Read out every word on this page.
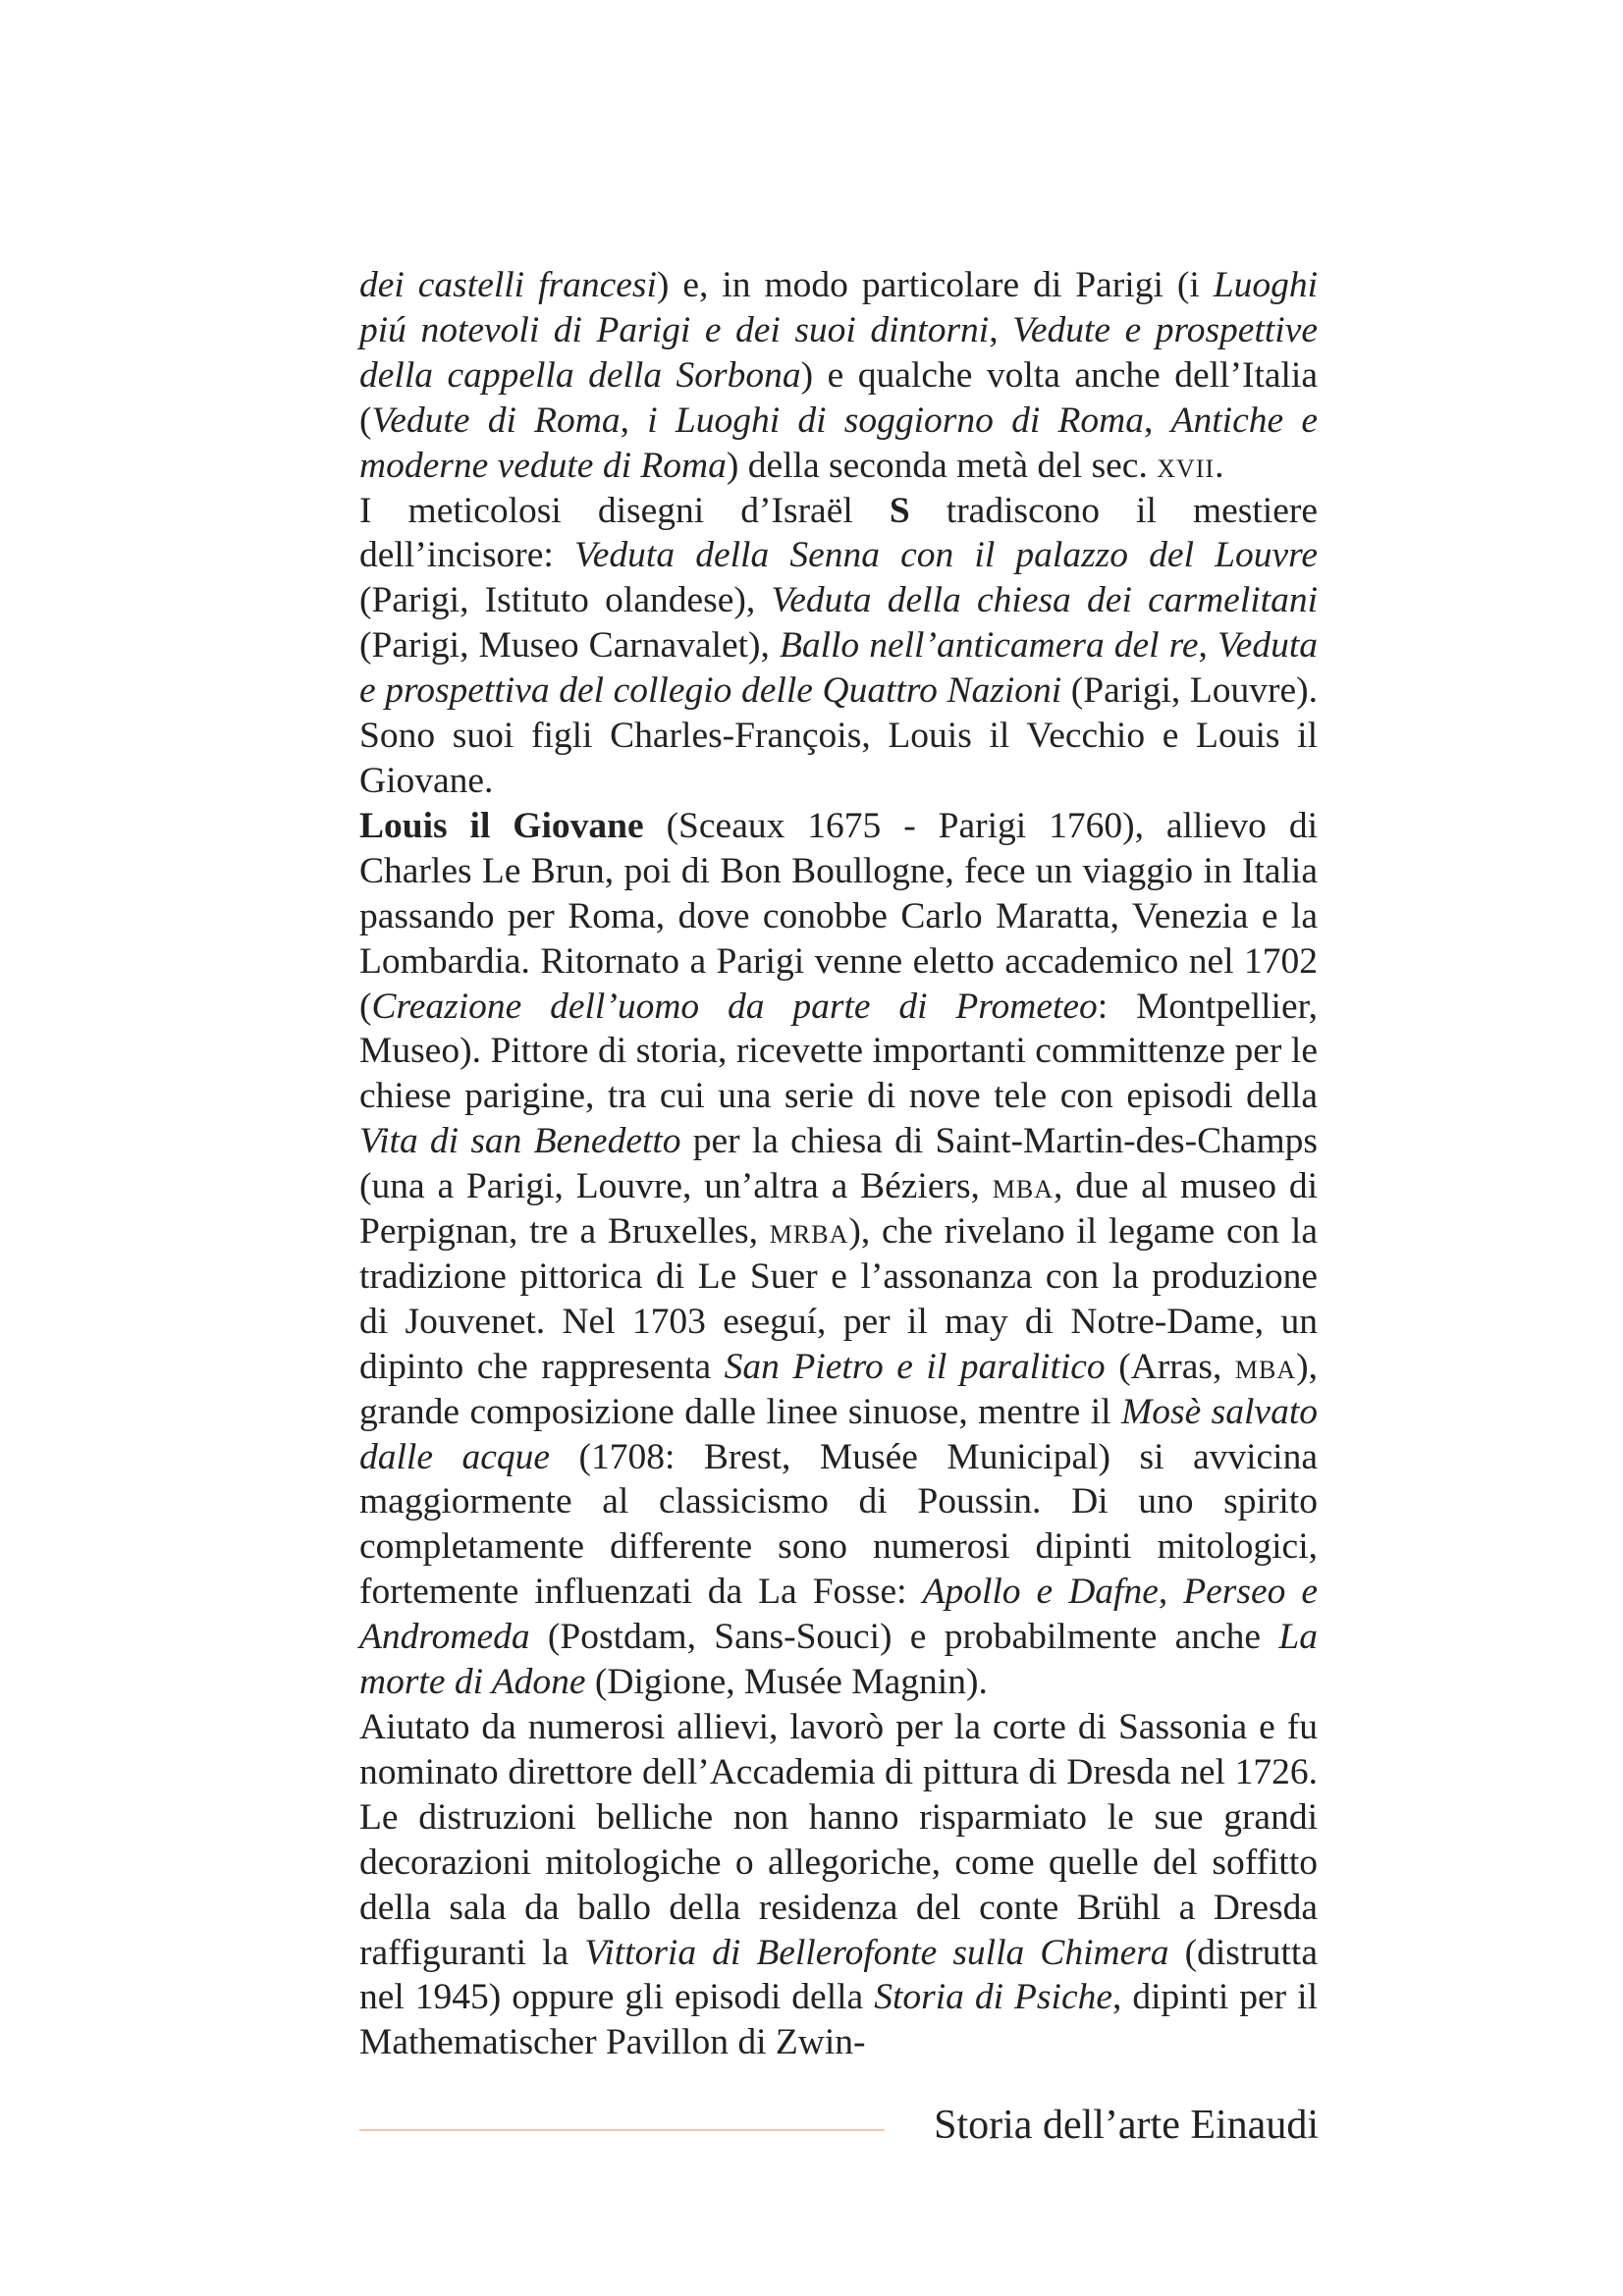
dei castelli francesi) e, in modo particolare di Parigi (i Luoghi piú notevoli di Parigi e dei suoi dintorni, Vedute e prospettive della cappella della Sorbona) e qualche volta anche dell’Italia (Vedute di Roma, i Luoghi di soggiorno di Roma, Antiche e moderne vedute di Roma) della seconda metà del sec. xvii.

I meticolosi disegni d’Israël S tradiscono il mestiere dell’incisore: Veduta della Senna con il palazzo del Louvre (Parigi, Istituto olandese), Veduta della chiesa dei carmelitani (Parigi, Museo Carnavalet), Ballo nell’anticamera del re, Veduta e prospettiva del collegio delle Quattro Nazioni (Parigi, Louvre). Sono suoi figli Charles-François, Louis il Vecchio e Louis il Giovane.

Louis il Giovane (Sceaux 1675 - Parigi 1760), allievo di Charles Le Brun, poi di Bon Boullogne, fece un viaggio in Italia passando per Roma, dove conobbe Carlo Maratta, Venezia e la Lombardia. Ritornato a Parigi venne eletto accademico nel 1702 (Creazione dell’uomo da parte di Prometeo: Montpellier, Museo). Pittore di storia, ricevette importanti committenze per le chiese parigine, tra cui una serie di nove tele con episodi della Vita di san Benedetto per la chiesa di Saint-Martin-des-Champs (una a Parigi, Louvre, un’altra a Béziers, mba, due al museo di Perpignan, tre a Bruxelles, mrba), che rivelano il legame con la tradizione pittorica di Le Suer e l’assonanza con la produzione di Jouvenet. Nel 1703 eseguí, per il may di Notre-Dame, un dipinto che rappresenta San Pietro e il paralitico (Arras, mba), grande composizione dalle linee sinuose, mentre il Mosè salvato dalle acque (1708: Brest, Musée Municipal) si avvicina maggiormente al classicismo di Poussin. Di uno spirito completamente differente sono numerosi dipinti mitologici, fortemente influenzati da La Fosse: Apollo e Dafne, Perseo e Andromeda (Postdam, Sans-Souci) e probabilmente anche La morte di Adone (Digione, Musée Magnin).

Aiutato da numerosi allievi, lavorò per la corte di Sassonia e fu nominato direttore dell’Accademia di pittura di Dresda nel 1726. Le distruzioni belliche non hanno risparmiato le sue grandi decorazioni mitologiche o allegoriche, come quelle del soffitto della sala da ballo della residenza del conte Brühl a Dresda raffiguranti la Vittoria di Bellerofonte sulla Chimera (distrutta nel 1945) oppure gli episodi della Storia di Psiche, dipinti per il Mathematischer Pavillon di Zwin-

Storia dell’arte Einaudi
